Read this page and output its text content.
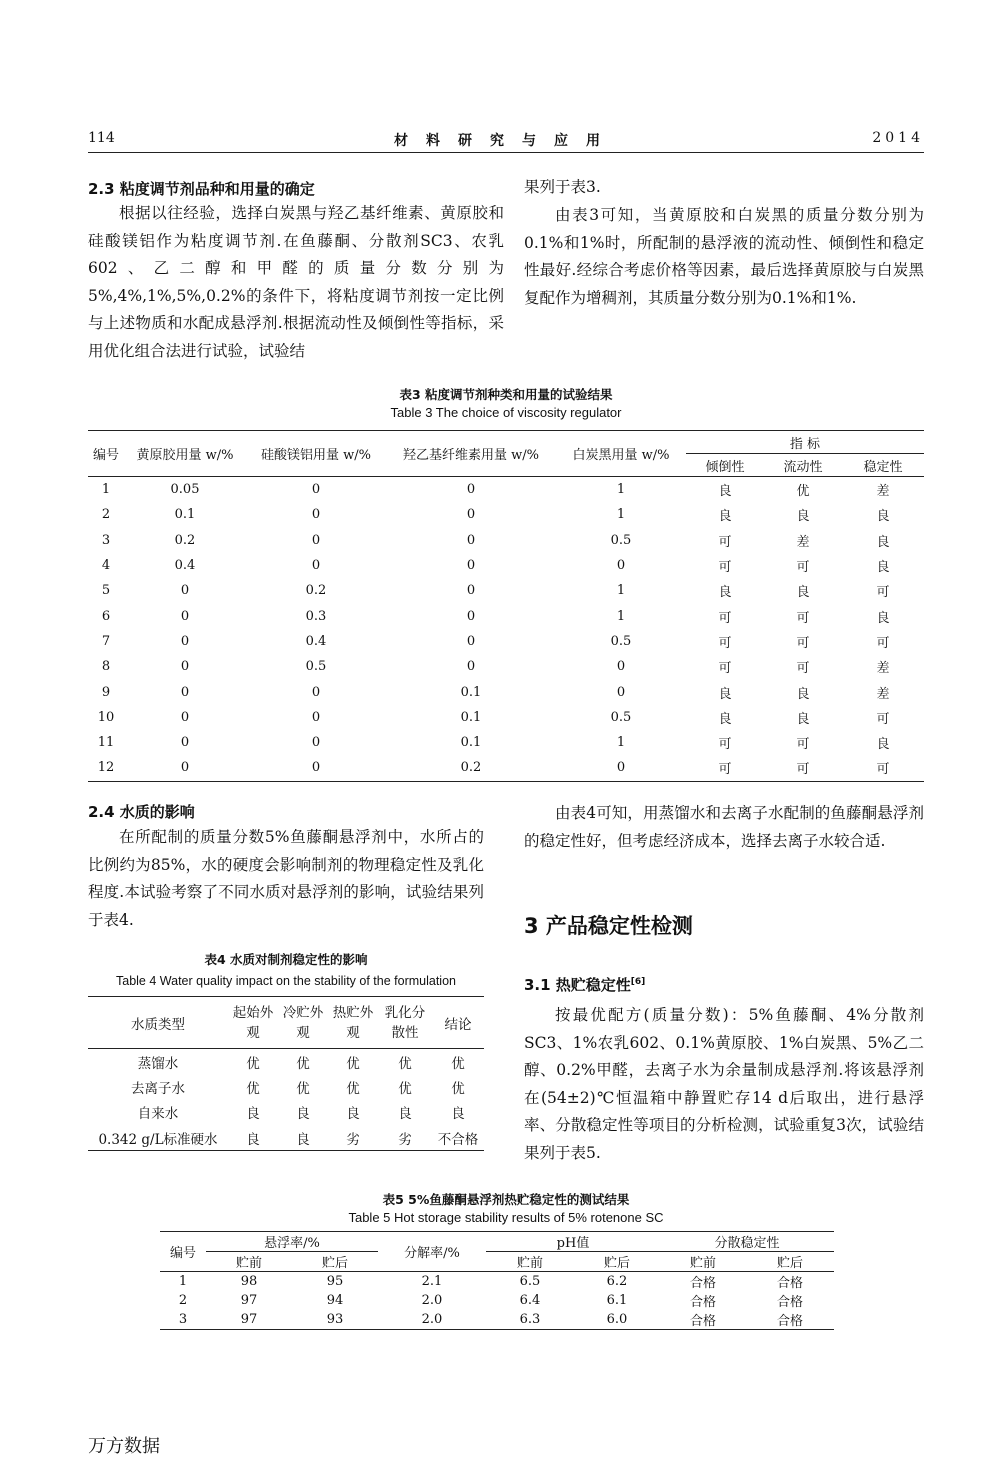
114	材料研究与应用	2014
2.3 粘度调节剂品种和用量的确定

根据以往经验，选择白炭黑与羟乙基纤维素、黄原胶和硅酸镁铝作为粘度调节剂.在鱼藤酮、分散剂SC3、农乳602、乙二醇和甲醛的质量分数分别为5%,4%,1%,5%,0.2%的条件下，将粘度调节剂按一定比例与上述物质和水配成悬浮剂.根据流动性及倾倒性等指标，采用优化组合法进行试验，试验结

果列于表3.

由表3可知，当黄原胶和白炭黑的质量分数分别为0.1%和1%时，所配制的悬浮液的流动性、倾倒性和稳定性最好.经综合考虑价格等因素，最后选择黄原胶与白炭黑复配作为增稠剂，其质量分数分别为0.1%和1%.

表3 粘度调节剂种类和用量的试验结果
Table 3 The choice of viscosity regulator
编号	黄原胶用量 w/%	硅酸镁铝用量 w/%	羟乙基纤维素用量 w/%	白炭黑用量 w/%	指 标		
					倾倒性	流动性	稳定性
1	0.05	0	0	1	良	优	差
2	0.1	0	0	1	良	良	良
3	0.2	0	0	0.5	可	差	良
4	0.4	0	0	0	可	可	良
5	0	0.2	0	1	良	良	可
6	0	0.3	0	1	可	可	良
7	0	0.4	0	0.5	可	可	可
8	0	0.5	0	0	可	可	差
9	0	0	0.1	0	良	良	差
10	0	0	0.1	0.5	良	良	可
11	0	0	0.1	1	可	可	良
12	0	0	0.2	0	可	可	可
2.4 水质的影响

在所配制的质量分数5%鱼藤酮悬浮剂中，水所占的比例约为85%，水的硬度会影响制剂的物理稳定性及乳化程度.本试验考察了不同水质对悬浮剂的影响，试验结果列于表4.

由表4可知，用蒸馏水和去离子水配制的鱼藤酮悬浮剂的稳定性好，但考虑经济成本，选择去离子水较合适.

表4 水质对制剂稳定性的影响
Table 4 Water quality impact on the stability of the formulation
水质类型	起始外观	冷贮外观	热贮外观	乳化分散性	结论
蒸馏水	优	优	优	优	优
去离子水	优	优	优	优	优
自来水	良	良	良	良	良
0.342 g/L标准硬水	良	良	劣	劣	不合格
3 产品稳定性检测
3.1 热贮稳定性[6]

按最优配方(质量分数)：5%鱼藤酮、4%分散剂SC3、1%农乳602、0.1%黄原胶、1%白炭黑、5%乙二醇、0.2%甲醛，去离子水为余量制成悬浮剂.将该悬浮剂在(54±2)℃恒温箱中静置贮存14 d后取出，进行悬浮率、分散稳定性等项目的分析检测，试验重复3次，试验结果列于表5.

表5 5%鱼藤酮悬浮剂热贮稳定性的测试结果
Table 5 Hot storage stability results of 5% rotenone SC
编号	悬浮率/%		分解率/%	pH值		分散稳定性	
	贮前	贮后		贮前	贮后	贮前	贮后
1	98	95	2.1	6.5	6.2	合格	合格
2	97	94	2.0	6.4	6.1	合格	合格
3	97	93	2.0	6.3	6.0	合格	合格
万方数据
